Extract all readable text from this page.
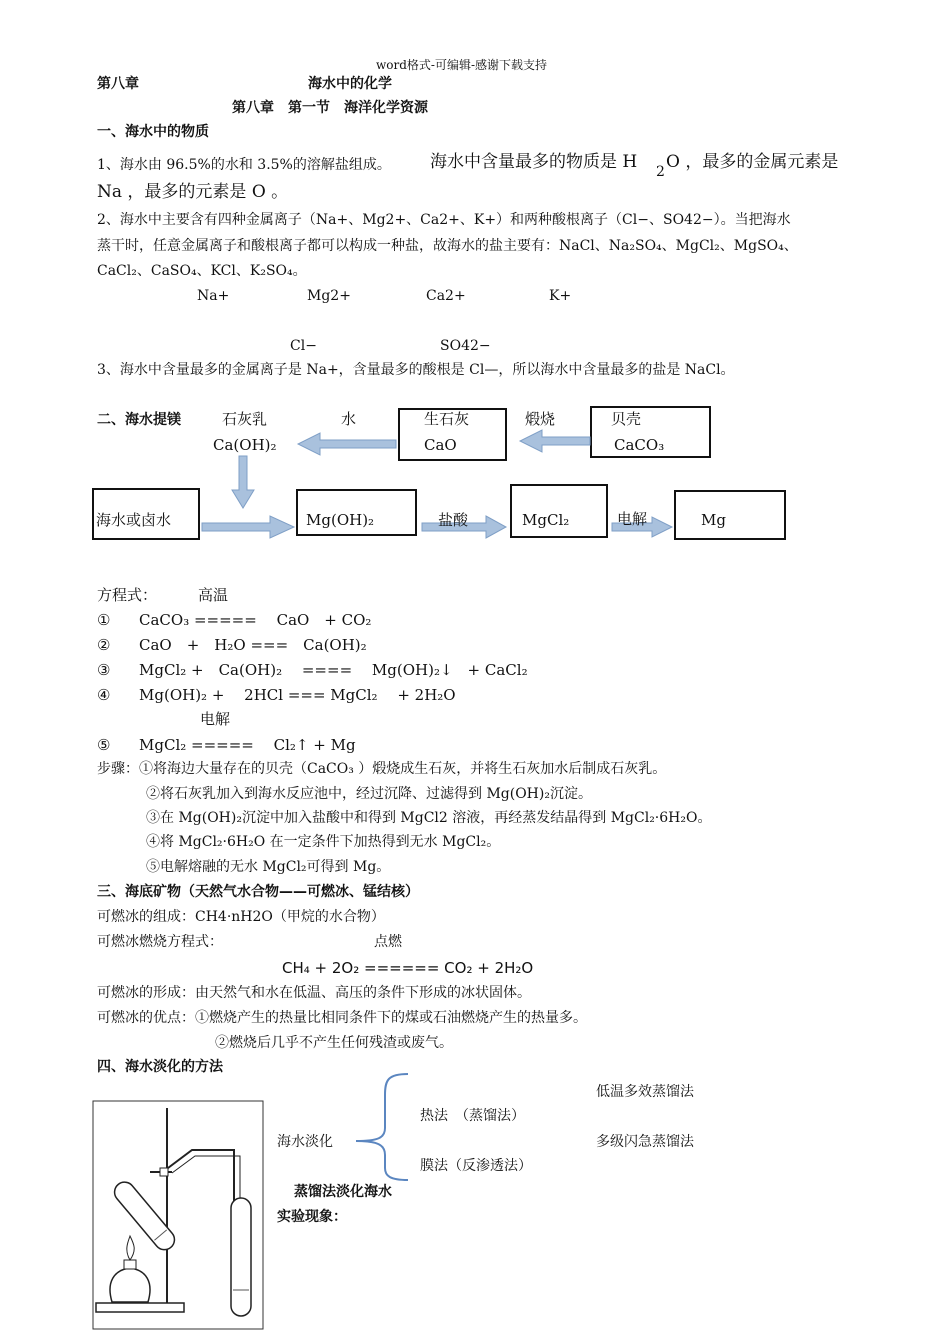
word格式-可编辑-感谢下载支持
第八章	海水中的化学
第八章　第一节　海洋化学资源
一、海水中的物质
1、海水由 96.5%的水和 3.5%的溶解盐组成。 海水中含量最多的物质是 H 2 O ，最多的金属元素是
Na ，最多的元素是 O 。
2、海水中主要含有四种金属离子（Na+、Mg2+、Ca2+、K+）和两种酸根离子（Cl−、SO42−）。当把海水
蒸干时，任意金属离子和酸根离子都可以构成一种盐，故海水的盐主要有：NaCl、Na₂SO₄、MgCl₂、MgSO₄、
CaCl₂、CaSO₄、KCl、K₂SO₄。
Na+	Mg2+	Ca2+	K+
Cl−	SO42−
3、海水中含量最多的金属离子是 Na+，含量最多的酸根是 Cl—，所以海水中含量最多的盐是 NaCl。
二、海水提镁	石灰乳
Ca(OH)₂
水	生石灰
CaO
煅烧	贝壳
CaCO₃
海水或卤水	Mg(OH)₂	盐酸	MgCl₂	电解	Mg
方程式：	高温
① CaCO₃ =====　 CaO　+ CO₂
② CaO　+　H₂O ===　Ca(OH)₂
③ MgCl₂ +　Ca(OH)₂　 ====　 Mg(OH)₂↓　+ CaCl₂
④ Mg(OH)₂ +　 2HCl === MgCl₂　 + 2H₂O
电解
⑤ MgCl₂ =====　 Cl₂↑ + Mg
步骤：①将海边大量存在的贝壳（CaCO₃ ）煅烧成生石灰，并将生石灰加水后制成石灰乳。
②将石灰乳加入到海水反应池中，经过沉降、过滤得到 Mg(OH)₂沉淀。
③在 Mg(OH)₂沉淀中加入盐酸中和得到 MgCl2 溶液，再经蒸发结晶得到 MgCl₂·6H₂O。
④将 MgCl₂·6H₂O 在一定条件下加热得到无水 MgCl₂。
⑤电解熔融的无水 MgCl₂可得到 Mg。
三、海底矿物（天然气水合物——可燃冰、锰结核）
可燃冰的组成：CH4·nH2O（甲烷的水合物）
可燃冰燃烧方程式：	点燃
CH₄ + 2O₂ ====== CO₂ + 2H₂O
可燃冰的形成：由天然气和水在低温、高压的条件下形成的冰状固体。
可燃冰的优点：①燃烧产生的热量比相同条件下的煤或石油燃烧产生的热量多。
②燃烧后几乎不产生任何残渣或废气。
四、海水淡化的方法
低温多效蒸馏法
热法　（蒸馏法）
海水淡化	多级闪急蒸馏法
膜法（反渗透法）
蒸馏法淡化海水
实验现象：
